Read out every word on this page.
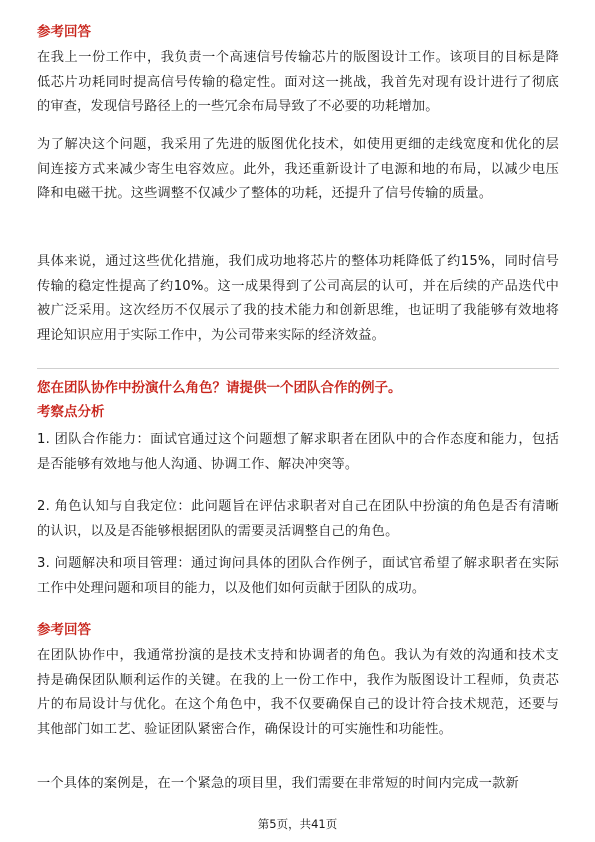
参考回答
在我上一份工作中，我负责一个高速信号传输芯片的版图设计工作。该项目的目标是降低芯片功耗同时提高信号传输的稳定性。面对这一挑战，我首先对现有设计进行了彻底的审查，发现信号路径上的一些冗余布局导致了不必要的功耗增加。
为了解决这个问题，我采用了先进的版图优化技术，如使用更细的走线宽度和优化的层间连接方式来减少寄生电容效应。此外，我还重新设计了电源和地的布局，以减少电压降和电磁干扰。这些调整不仅减少了整体的功耗，还提升了信号传输的质量。
具体来说，通过这些优化措施，我们成功地将芯片的整体功耗降低了约15%，同时信号传输的稳定性提高了约10%。这一成果得到了公司高层的认可，并在后续的产品迭代中被广泛采用。这次经历不仅展示了我的技术能力和创新思维，也证明了我能够有效地将理论知识应用于实际工作中，为公司带来实际的经济效益。
您在团队协作中扮演什么角色？请提供一个团队合作的例子。
考察点分析
1. 团队合作能力：面试官通过这个问题想了解求职者在团队中的合作态度和能力，包括是否能够有效地与他人沟通、协调工作、解决冲突等。
2. 角色认知与自我定位：此问题旨在评估求职者对自己在团队中扮演的角色是否有清晰的认识，以及是否能够根据团队的需要灵活调整自己的角色。
3. 问题解决和项目管理：通过询问具体的团队合作例子，面试官希望了解求职者在实际工作中处理问题和项目的能力，以及他们如何贡献于团队的成功。
参考回答
在团队协作中，我通常扮演的是技术支持和协调者的角色。我认为有效的沟通和技术支持是确保团队顺利运作的关键。在我的上一份工作中，我作为版图设计工程师，负责芯片的布局设计与优化。在这个角色中，我不仅要确保自己的设计符合技术规范，还要与其他部门如工艺、验证团队紧密合作，确保设计的可实施性和功能性。
一个具体的案例是，在一个紧急的项目里，我们需要在非常短的时间内完成一款新
第5页，共41页
